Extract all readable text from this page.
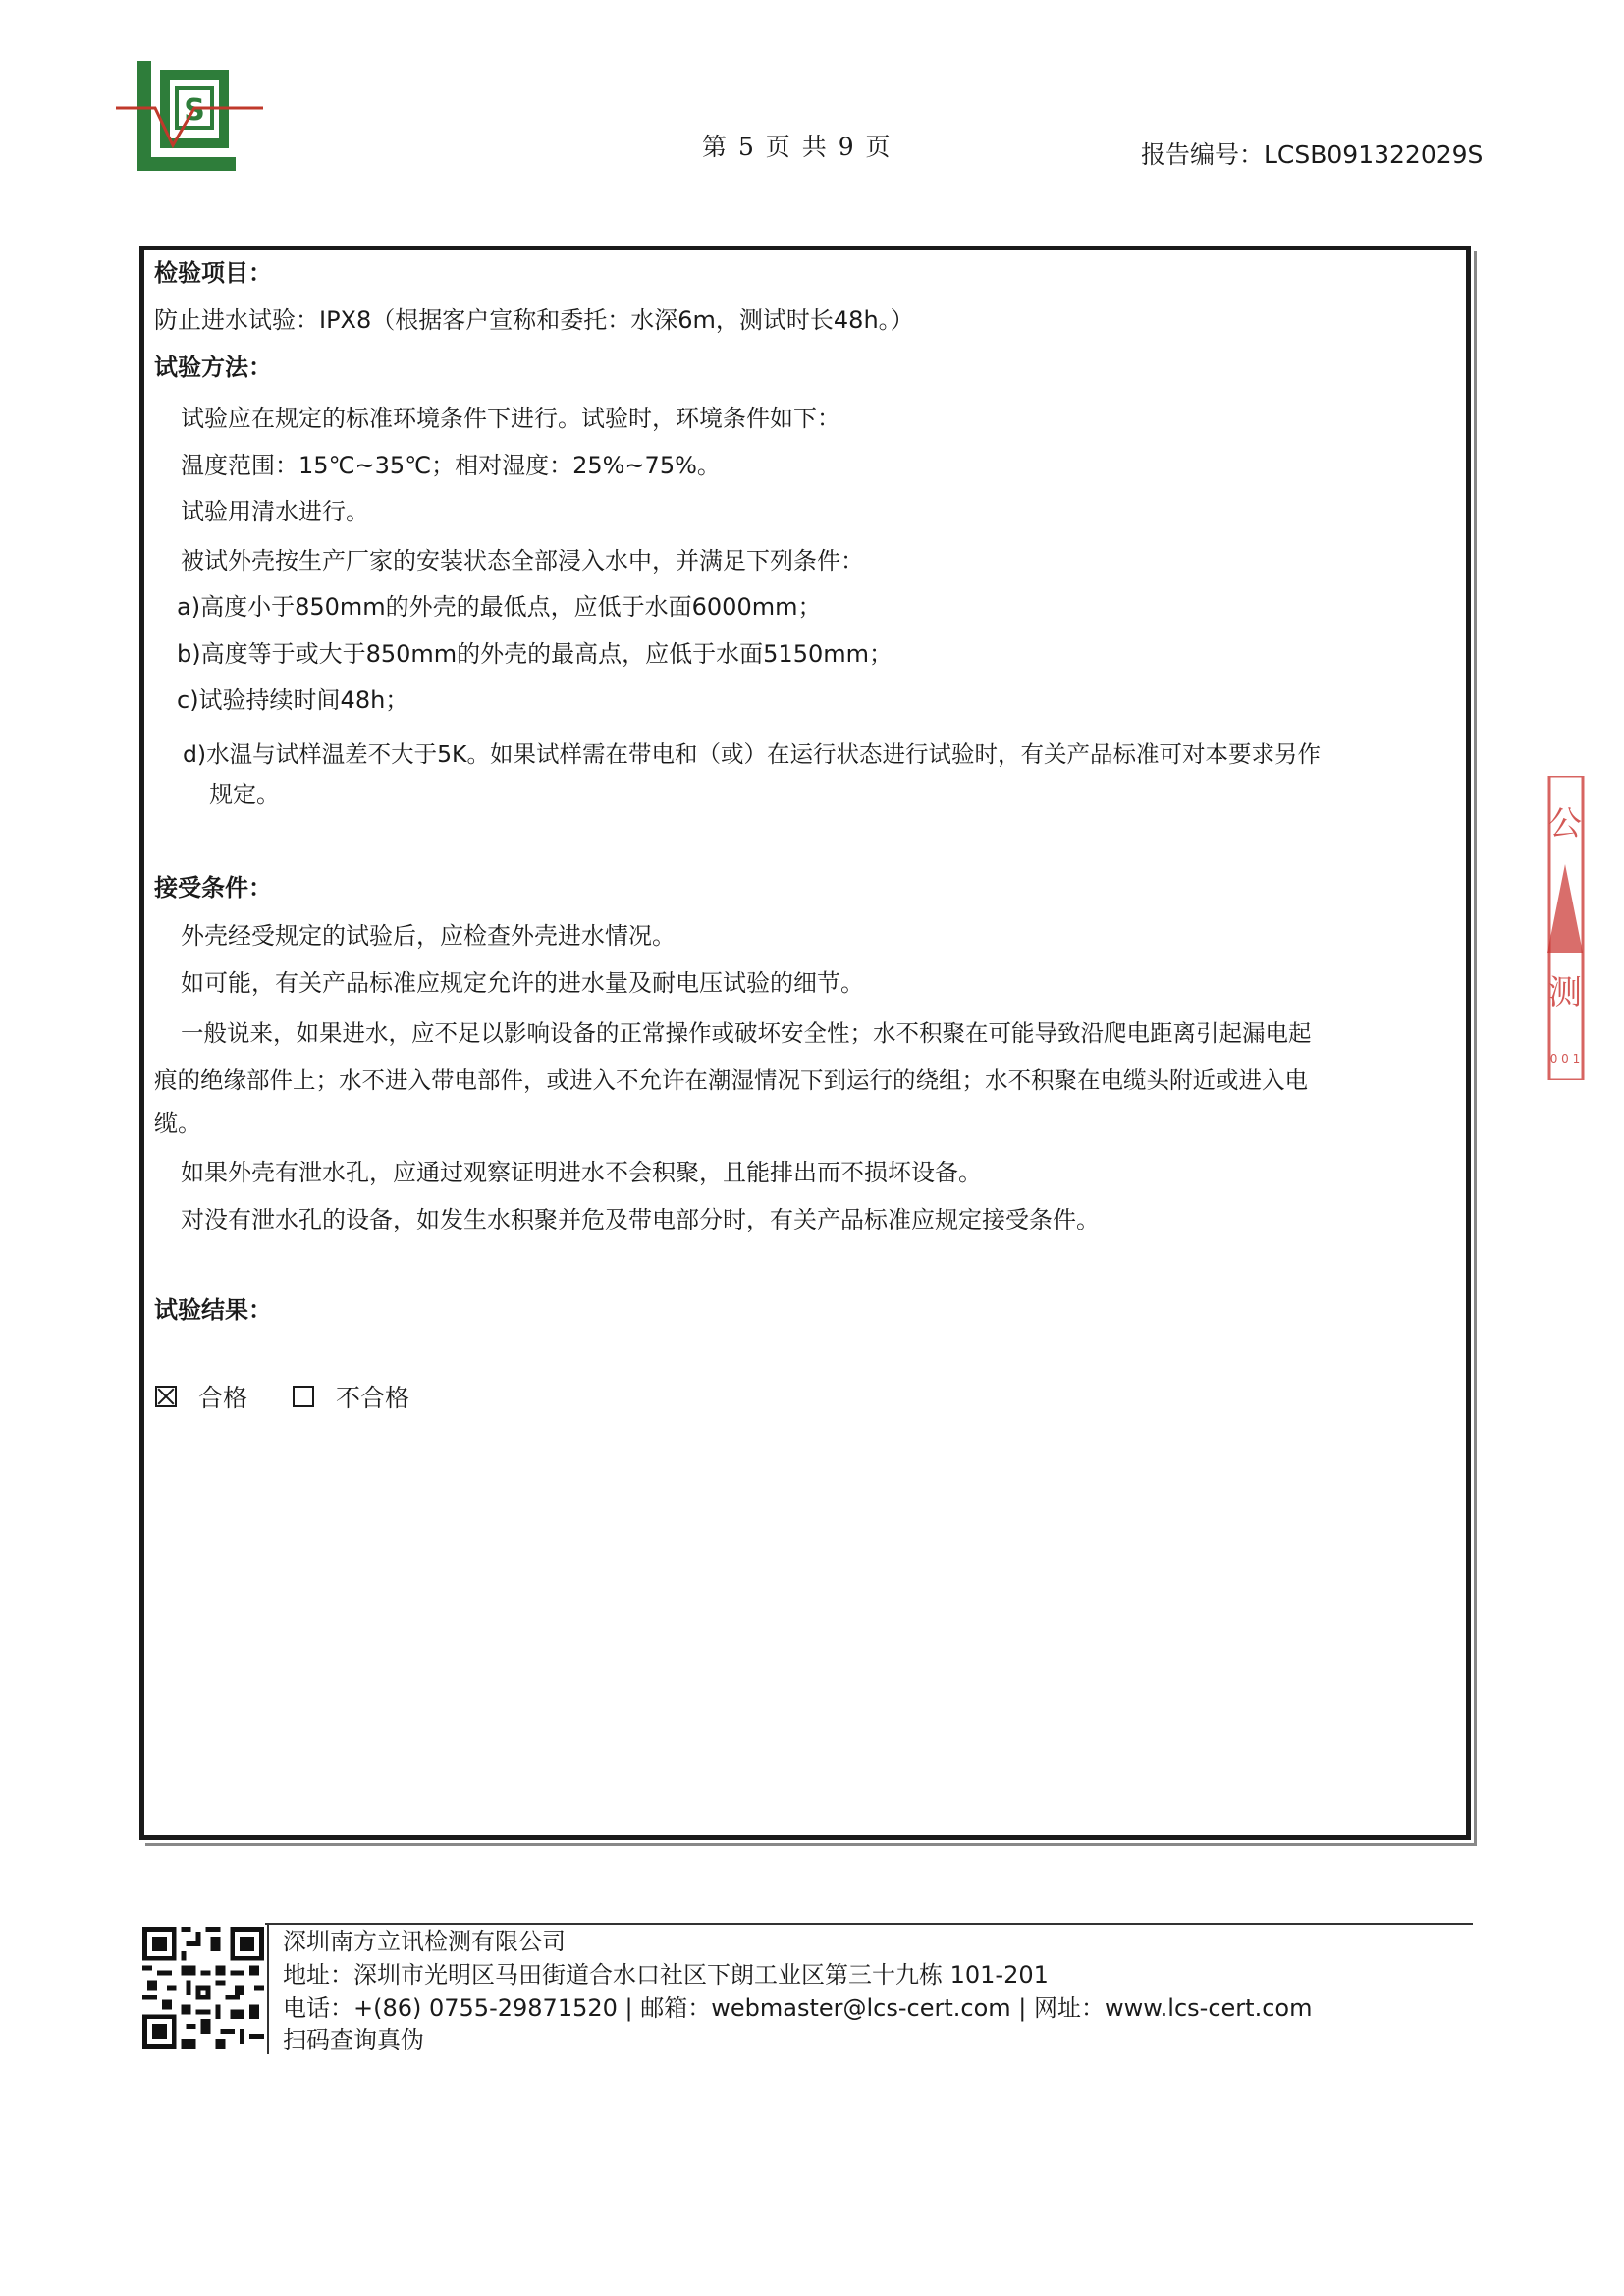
S
第 5 页 共 9 页	报告编号：LCSB091322029S
检验项目：
防止进水试验：IPX8（根据客户宣称和委托：水深6m，测试时长48h。）
试验方法：
试验应在规定的标准环境条件下进行。试验时，环境条件如下：
温度范围：15℃~35℃；相对湿度：25%~75%。
试验用清水进行。
被试外壳按生产厂家的安装状态全部浸入水中，并满足下列条件：
a)高度小于850mm的外壳的最低点，应低于水面6000mm；
b)高度等于或大于850mm的外壳的最高点，应低于水面5150mm；
c)试验持续时间48h；
d)水温与试样温差不大于5K。如果试样需在带电和（或）在运行状态进行试验时，有关产品标准可对本要求另作
规定。
接受条件：
外壳经受规定的试验后，应检查外壳进水情况。
如可能，有关产品标准应规定允许的进水量及耐电压试验的细节。
一般说来，如果进水，应不足以影响设备的正常操作或破坏安全性；水不积聚在可能导致沿爬电距离引起漏电起
痕的绝缘部件上；水不进入带电部件，或进入不允许在潮湿情况下到运行的绕组；水不积聚在电缆头附近或进入电
缆。
如果外壳有泄水孔，应通过观察证明进水不会积聚，且能排出而不损坏设备。
对没有泄水孔的设备，如发生水积聚并危及带电部分时，有关产品标准应规定接受条件。
试验结果：
合格	不合格
公
测
0 0 1
深圳南方立讯检测有限公司
地址：深圳市光明区马田街道合水口社区下朗工业区第三十九栋 101-201
电话：+(86) 0755-29871520 | 邮箱：webmaster@lcs-cert.com | 网址：www.lcs-cert.com
扫码查询真伪
